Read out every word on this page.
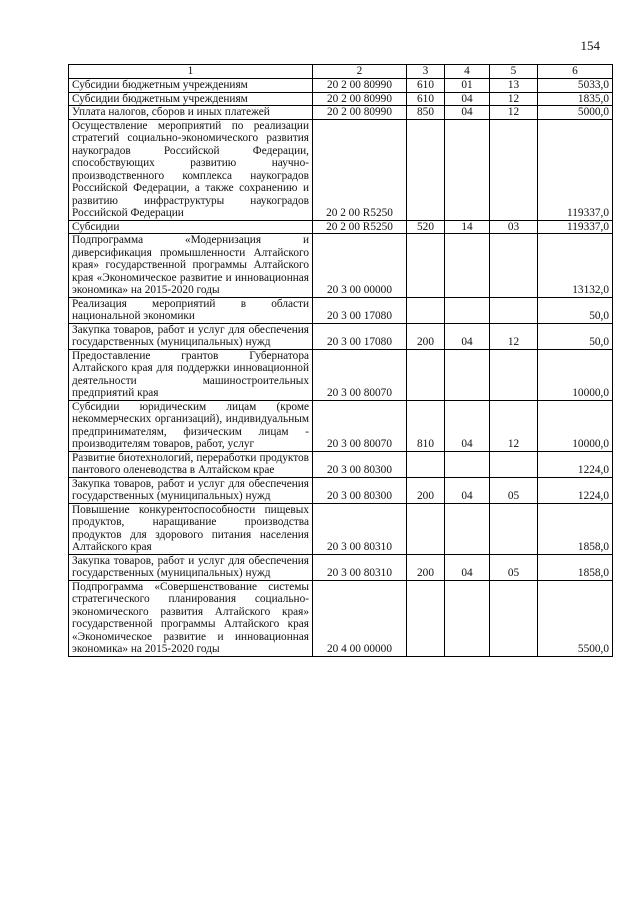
154
1	2	3	4	5	6
Субсидии бюджетным учреждениям	20 2 00 80990	610	01	13	5033,0
Субсидии бюджетным учреждениям	20 2 00 80990	610	04	12	1835,0
Уплата налогов, сборов и иных платежей	20 2 00 80990	850	04	12	5000,0
Осуществление мероприятий по реализации стратегий социально-экономического развития наукоградов Российской Федерации, способствующих развитию научно-производственного комплекса наукоградов Российской Федерации, а также сохранению и развитию инфраструктуры наукоградов Российской Федерации	20 2 00 R5250				119337,0
Субсидии	20 2 00 R5250	520	14	03	119337,0
Подпрограмма «Модернизация и диверсификация промышленности Алтайского края» государственной программы Алтайского края «Экономическое развитие и инновационная экономика» на 2015-2020 годы	20 3 00 00000				13132,0
Реализация мероприятий в области национальной экономики	20 3 00 17080				50,0
Закупка товаров, работ и услуг для обеспечения государственных (муниципальных) нужд	20 3 00 17080	200	04	12	50,0
Предоставление грантов Губернатора Алтайского края для поддержки инновационной деятельности машиностроительных предприятий края	20 3 00 80070				10000,0
Субсидии юридическим лицам (кроме некоммерческих организаций), индивидуальным предпринимателям, физическим лицам - производителям товаров, работ, услуг	20 3 00 80070	810	04	12	10000,0
Развитие биотехнологий, переработки продуктов пантового оленеводства в Алтайском крае	20 3 00 80300				1224,0
Закупка товаров, работ и услуг для обеспечения государственных (муниципальных) нужд	20 3 00 80300	200	04	05	1224,0
Повышение конкурентоспособности пищевых продуктов, наращивание производства продуктов для здорового питания населения Алтайского края	20 3 00 80310				1858,0
Закупка товаров, работ и услуг для обеспечения государственных (муниципальных) нужд	20 3 00 80310	200	04	05	1858,0
Подпрограмма «Совершенствование системы стратегического планирования социально-экономического развития Алтайского края» государственной программы Алтайского края «Экономическое развитие и инновационная экономика» на 2015-2020 годы	20 4 00 00000				5500,0
